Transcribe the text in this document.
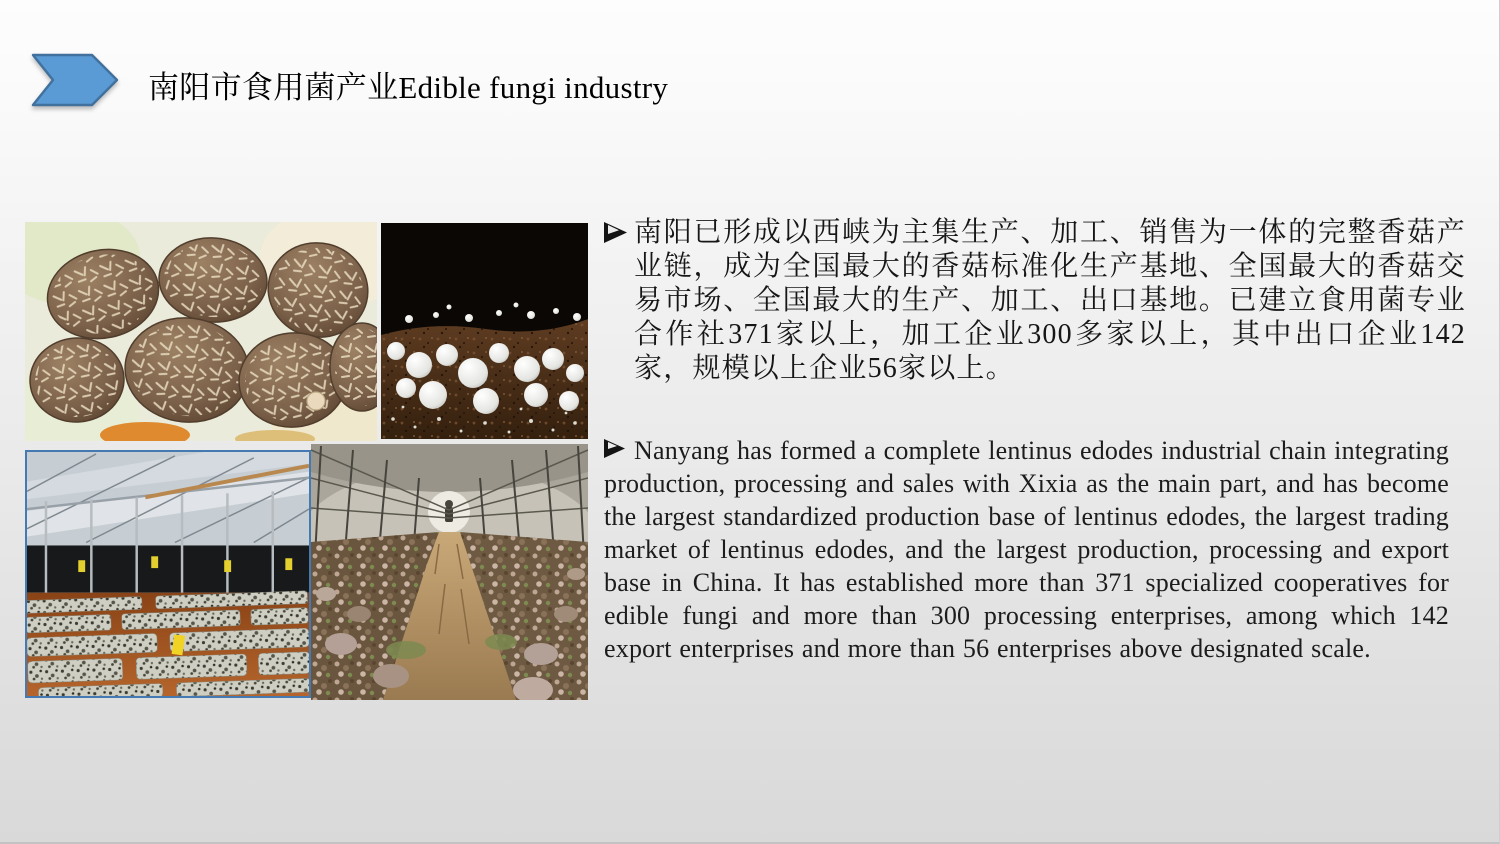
南阳市食用菌产业Edible fungi industry
南阳已形成以西峡为主集生产、加工、销售为一体的完整香菇产业链，成为全国最大的香菇标准化生产基地、全国最大的香菇交易市场、全国最大的生产、加工、出口基地。已建立食用菌专业合作社371家以上，加工企业300多家以上，其中出口企业142家，规模以上企业56家以上。
Nanyang has formed a complete lentinus edodes industrial chain integrating production, processing and sales with Xixia as the main part, and has become the largest standardized production base of lentinus edodes, the largest trading market of lentinus edodes, and the largest production, processing and export base in China. It has established more than 371 specialized cooperatives for edible fungi and more than 300 processing enterprises, among which 142 export enterprises and more than 56 enterprises above designated scale.
